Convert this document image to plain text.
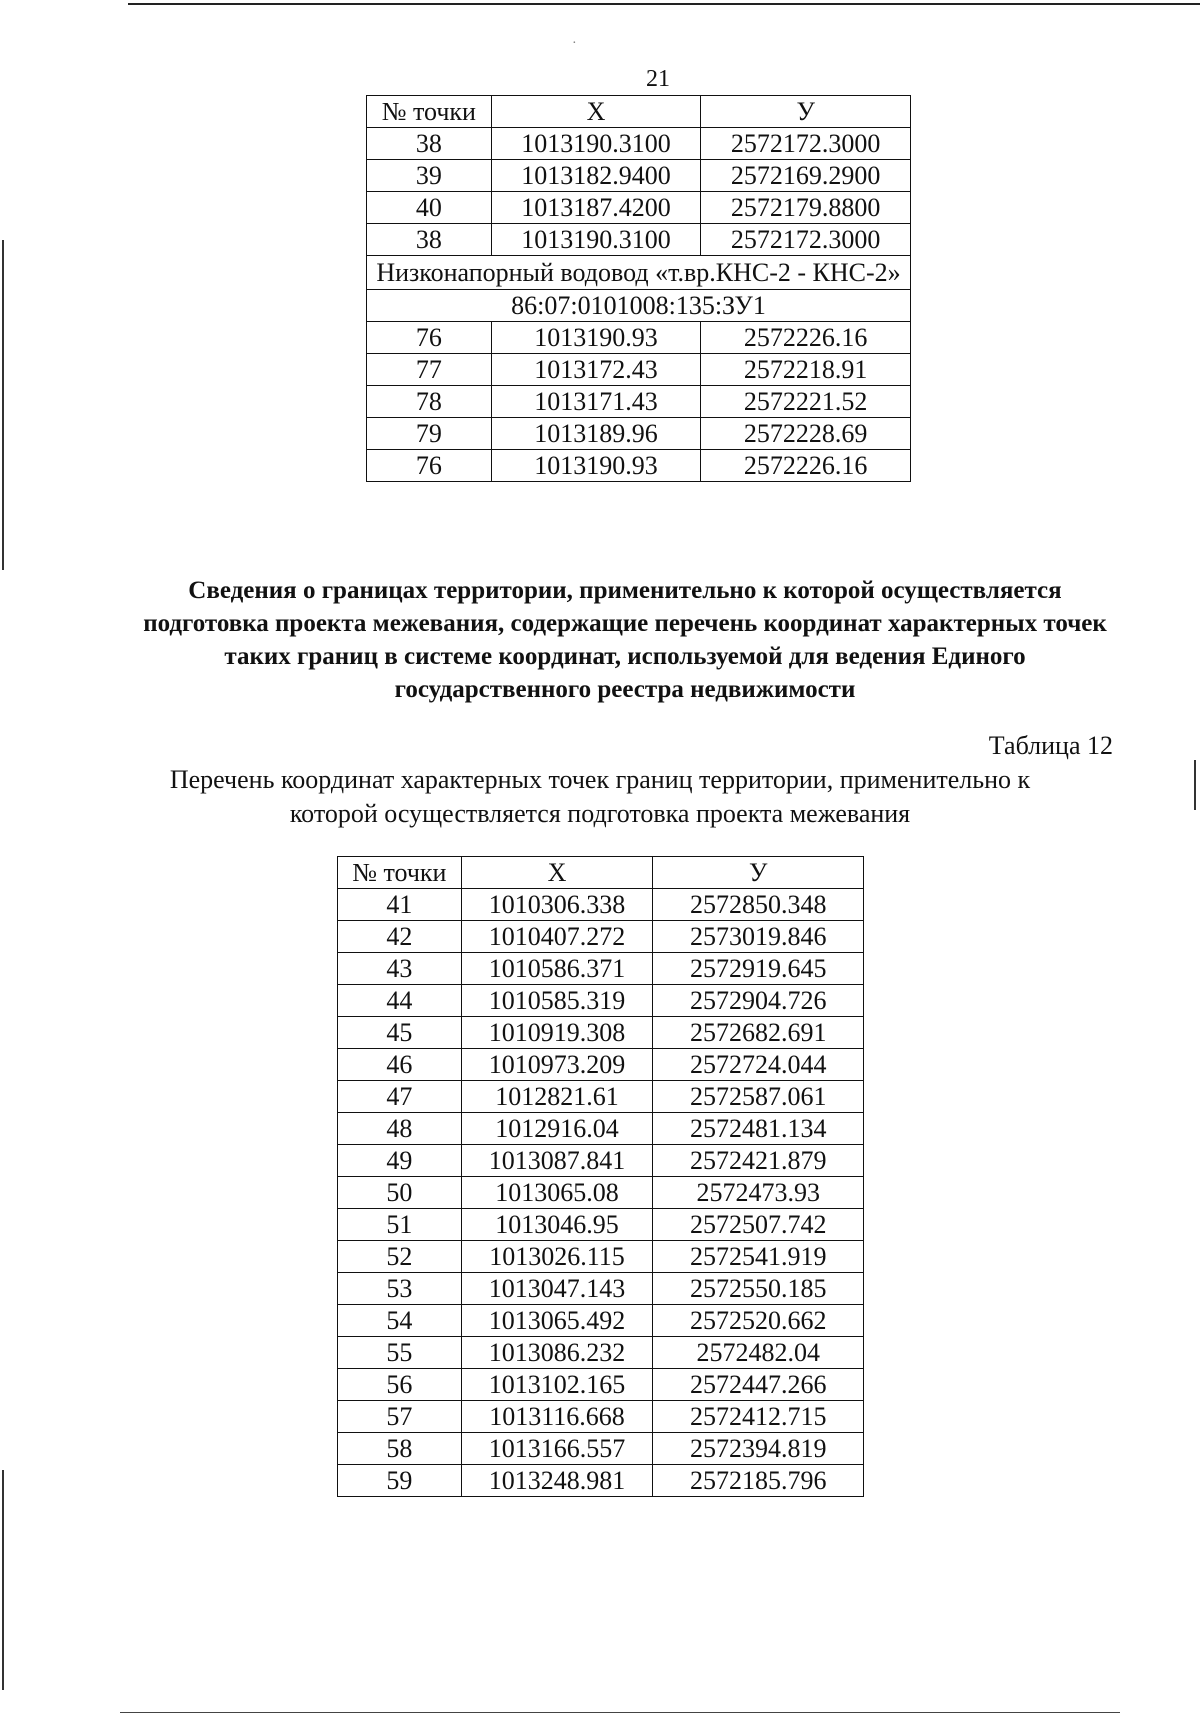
·
21
№ точки	Х	У
38	1013190.3100	2572172.3000
39	1013182.9400	2572169.2900
40	1013187.4200	2572179.8800
38	1013190.3100	2572172.3000
Низконапорный водовод «т.вр.КНС-2 - КНС-2»		
86:07:0101008:135:ЗУ1		
76	1013190.93	2572226.16
77	1013172.43	2572218.91
78	1013171.43	2572221.52
79	1013189.96	2572228.69
76	1013190.93	2572226.16
Сведения о границах территории, применительно к которой осуществляется подготовка проекта межевания, содержащие перечень координат характерных точек таких границ в системе координат, используемой для ведения Единого государственного реестра недвижимости
Таблица 12
Перечень координат характерных точек границ территории, применительно к которой осуществляется подготовка проекта межевания
№ точки	Х	У
41	1010306.338	2572850.348
42	1010407.272	2573019.846
43	1010586.371	2572919.645
44	1010585.319	2572904.726
45	1010919.308	2572682.691
46	1010973.209	2572724.044
47	1012821.61	2572587.061
48	1012916.04	2572481.134
49	1013087.841	2572421.879
50	1013065.08	2572473.93
51	1013046.95	2572507.742
52	1013026.115	2572541.919
53	1013047.143	2572550.185
54	1013065.492	2572520.662
55	1013086.232	2572482.04
56	1013102.165	2572447.266
57	1013116.668	2572412.715
58	1013166.557	2572394.819
59	1013248.981	2572185.796
